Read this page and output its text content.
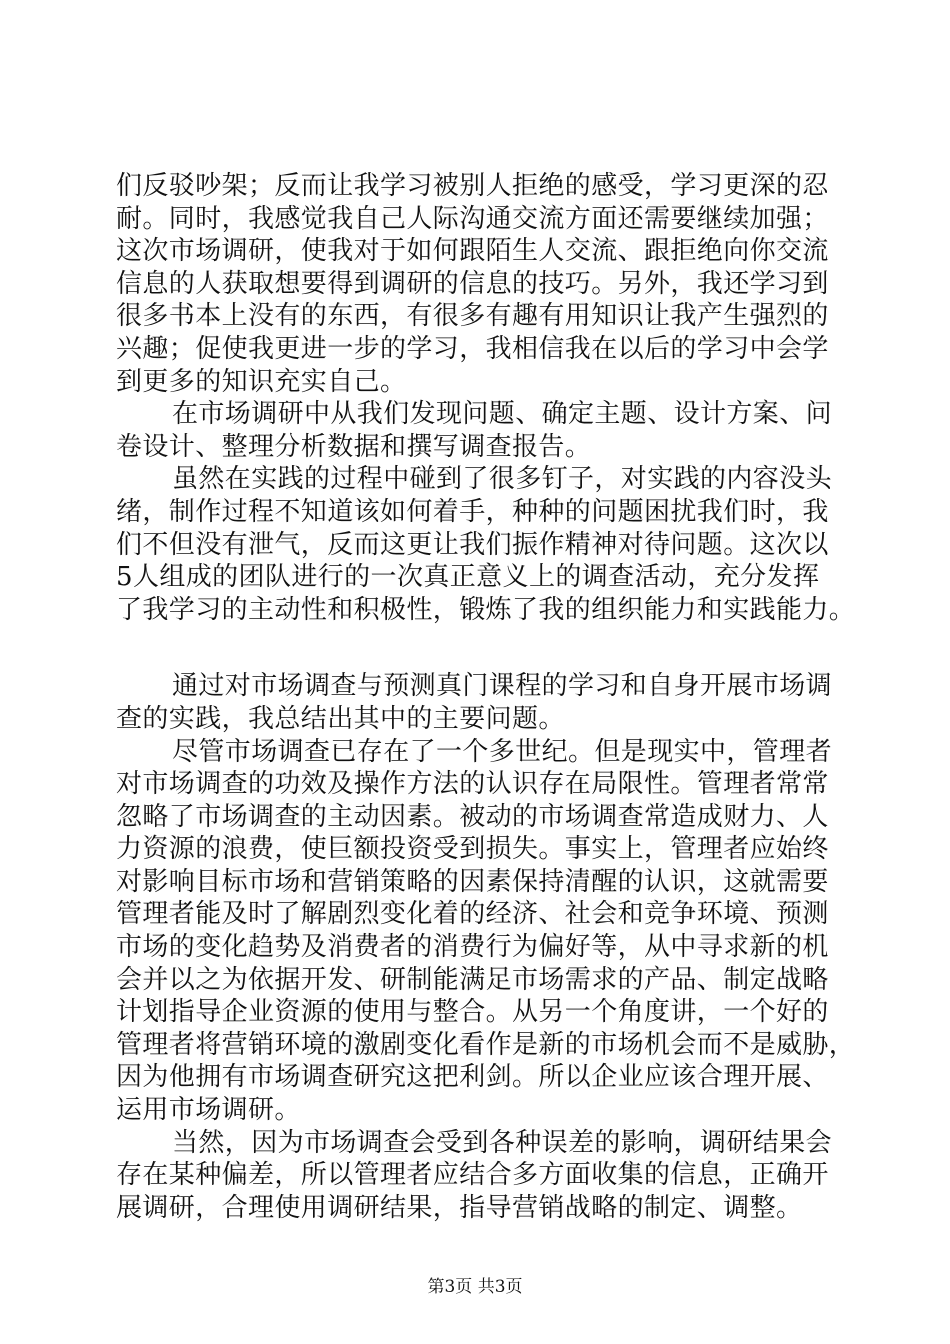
们反驳吵架；反而让我学习被别人拒绝的感受，学习更深的忍
耐。同时，我感觉我自己人际沟通交流方面还需要继续加强；
这次市场调研，使我对于如何跟陌生人交流、跟拒绝向你交流
信息的人获取想要得到调研的信息的技巧。另外，我还学习到
很多书本上没有的东西，有很多有趣有用知识让我产生强烈的
兴趣；促使我更进一步的学习，我相信我在以后的学习中会学
到更多的知识充实自己。
在市场调研中从我们发现问题、确定主题、设计方案、问
卷设计、整理分析数据和撰写调查报告。
虽然在实践的过程中碰到了很多钉子，对实践的内容没头
绪，制作过程不知道该如何着手，种种的问题困扰我们时，我
们不但没有泄气，反而这更让我们振作精神对待问题。这次以
5人组成的团队进行的一次真正意义上的调查活动，充分发挥
了我学习的主动性和积极性，锻炼了我的组织能力和实践能力。
通过对市场调查与预测真门课程的学习和自身开展市场调
查的实践，我总结出其中的主要问题。
尽管市场调查已存在了一个多世纪。但是现实中，管理者
对市场调查的功效及操作方法的认识存在局限性。管理者常常
忽略了市场调查的主动因素。被动的市场调查常造成财力、人
力资源的浪费，使巨额投资受到损失。事实上，管理者应始终
对影响目标市场和营销策略的因素保持清醒的认识，这就需要
管理者能及时了解剧烈变化着的经济、社会和竞争环境、预测
市场的变化趋势及消费者的消费行为偏好等，从中寻求新的机
会并以之为依据开发、研制能满足市场需求的产品、制定战略
计划指导企业资源的使用与整合。从另一个角度讲，一个好的
管理者将营销环境的激剧变化看作是新的市场机会而不是威胁，
因为他拥有市场调查研究这把利剑。所以企业应该合理开展、
运用市场调研。
当然，因为市场调查会受到各种误差的影响，调研结果会
存在某种偏差，所以管理者应结合多方面收集的信息，正确开
展调研，合理使用调研结果，指导营销战略的制定、调整。
第3页 共3页
